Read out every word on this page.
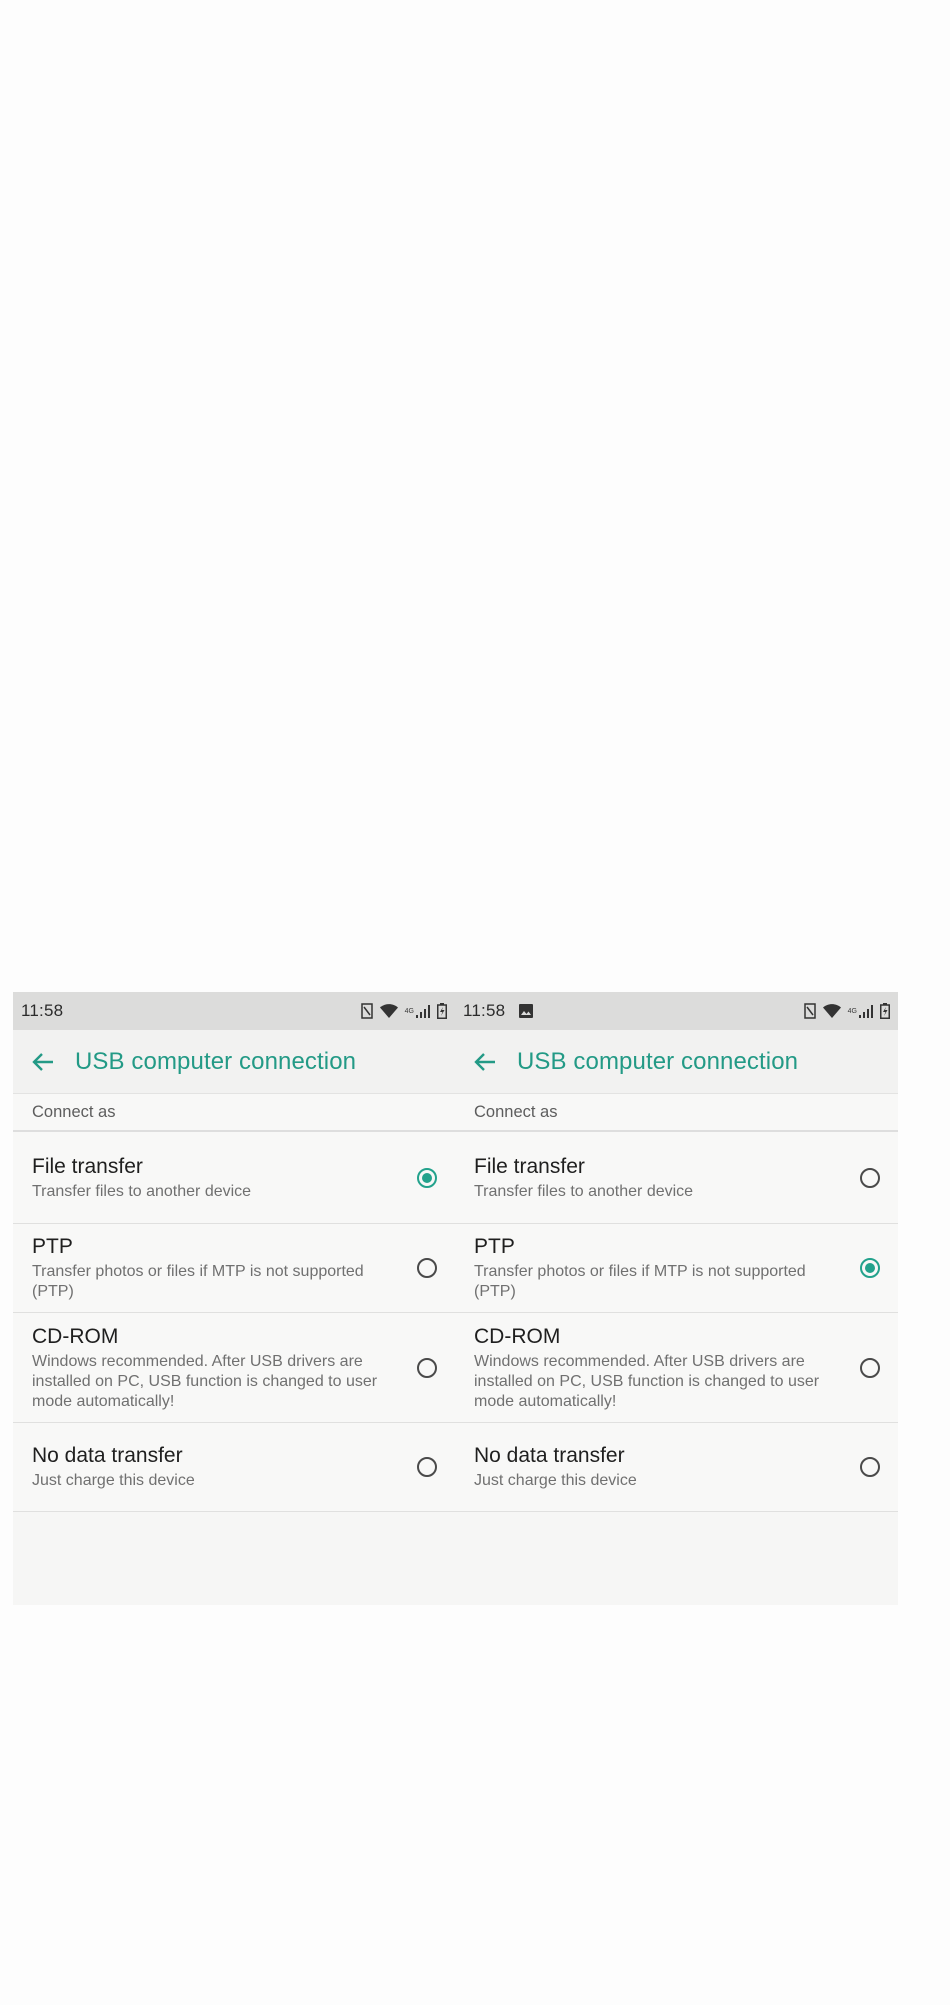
11:58	4G
USB computer connection
Connect as
File transfer
Transfer files to another device
PTP
Transfer photos or files if MTP is not supported (PTP)
CD-ROM
Windows recommended. After USB drivers are installed on PC, USB function is changed to user mode automatically!
No data transfer
Just charge this device
11:58	4G
USB computer connection
Connect as
File transfer
Transfer files to another device
PTP
Transfer photos or files if MTP is not supported (PTP)
CD-ROM
Windows recommended. After USB drivers are installed on PC, USB function is changed to user mode automatically!
No data transfer
Just charge this device
